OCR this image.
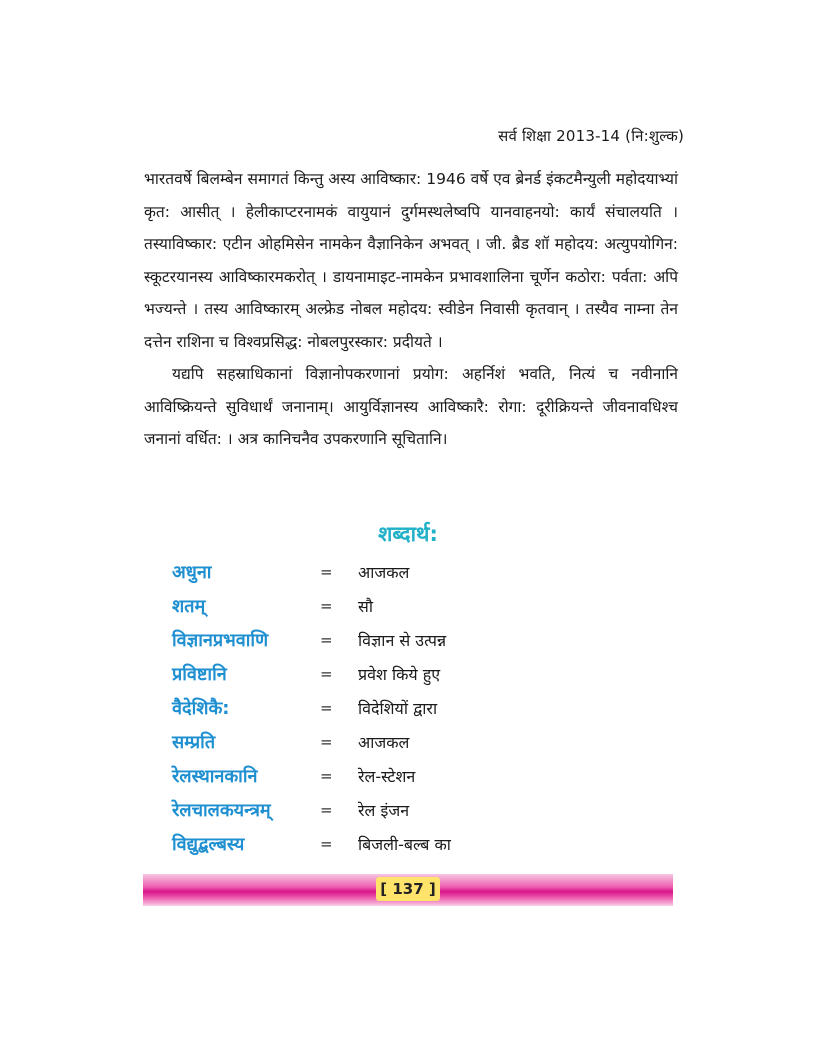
सर्व शिक्षा 2013-14 (नि:शुल्क)

भारतवर्षे बिलम्बेन समागतं किन्तु अस्य आविष्कार: 1946 वर्षे एव ब्रेनर्ड इंकटमैन्युली महोदयाभ्यां कृत: आसीत् । हेलीकाप्टरनामकं वायुयानं दुर्गमस्थलेष्वपि यानवाहनयो: कार्यं संचालयति । तस्याविष्कार: एटीन ओहमिसेन नामकेन वैज्ञानिकेन अभवत् । जी. ब्रैड शॉ महोदय: अत्युपयोगिन: स्कूटरयानस्य आविष्कारमकरोत् । डायनामाइट-नामकेन प्रभावशालिना चूर्णेन कठोरा: पर्वता: अपि भज्यन्ते । तस्य आविष्कारम् अल्फ्रेड नोबल महोदय: स्वीडेन निवासी कृतवान् । तस्यैव नाम्ना तेन दत्तेन राशिना च विश्वप्रसिद्ध: नोबलपुरस्कार: प्रदीयते ।

यद्यपि सहस्राधिकानां विज्ञानोपकरणानां प्रयोग: अहर्निशं भवति, नित्यं च नवीनानि आविष्क्रियन्ते सुविधार्थं जनानाम्। आयुर्विज्ञानस्य आविष्कारै: रोगा: दूरीक्रियन्ते जीवनावधिश्च जनानां वर्धित: । अत्र कानिचनैव उपकरणानि सूचितानि।

शब्दार्थ:
अधुना	=	आजकल
शतम्	=	सौ
विज्ञानप्रभवाणि	=	विज्ञान से उत्पन्न
प्रविष्टानि	=	प्रवेश किये हुए
वैदेशिकै:	=	विदेशियों द्वारा
सम्प्रति	=	आजकल
रेलस्थानकानि	=	रेल-स्टेशन
रेलचालकयन्त्रम्	=	रेल इंजन
विद्युद्बल्बस्य	=	बिजली-बल्ब का
[ 137 ]
